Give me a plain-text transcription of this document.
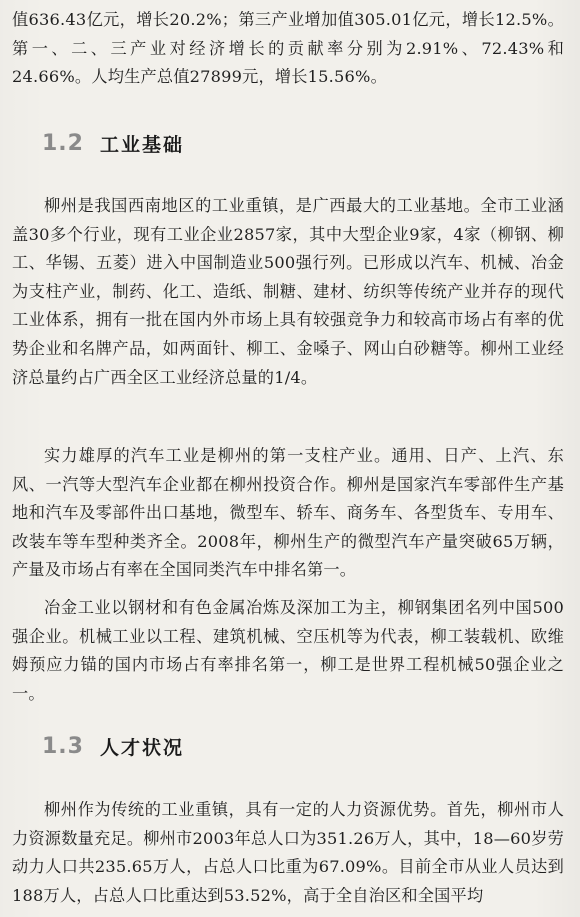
值636.43亿元，增长20.2%；第三产业增加值305.01亿元，增长12.5%。第一、二、三产业对经济增长的贡献率分别为2.91%、72.43%和24.66%。人均生产总值27899元，增长15.56%。

1.2 工业基础

柳州是我国西南地区的工业重镇，是广西最大的工业基地。全市工业涵盖30多个行业，现有工业企业2857家，其中大型企业9家，4家（柳钢、柳工、华锡、五菱）进入中国制造业500强行列。已形成以汽车、机械、冶金为支柱产业，制药、化工、造纸、制糖、建材、纺织等传统产业并存的现代工业体系，拥有一批在国内外市场上具有较强竞争力和较高市场占有率的优势企业和名牌产品，如两面针、柳工、金嗓子、网山白砂糖等。柳州工业经济总量约占广西全区工业经济总量的1/4。

实力雄厚的汽车工业是柳州的第一支柱产业。通用、日产、上汽、东风、一汽等大型汽车企业都在柳州投资合作。柳州是国家汽车零部件生产基地和汽车及零部件出口基地，微型车、轿车、商务车、各型货车、专用车、改装车等车型种类齐全。2008年，柳州生产的微型汽车产量突破65万辆，产量及市场占有率在全国同类汽车中排名第一。

冶金工业以钢材和有色金属冶炼及深加工为主，柳钢集团名列中国500强企业。机械工业以工程、建筑机械、空压机等为代表，柳工装载机、欧维姆预应力锚的国内市场占有率排名第一，柳工是世界工程机械50强企业之一。

1.3 人才状况

柳州作为传统的工业重镇，具有一定的人力资源优势。首先，柳州市人力资源数量充足。柳州市2003年总人口为351.26万人，其中，18—60岁劳动力人口共235.65万人，占总人口比重为67.09%。目前全市从业人员达到188万人，占总人口比重达到53.52%，高于全自治区和全国平均
